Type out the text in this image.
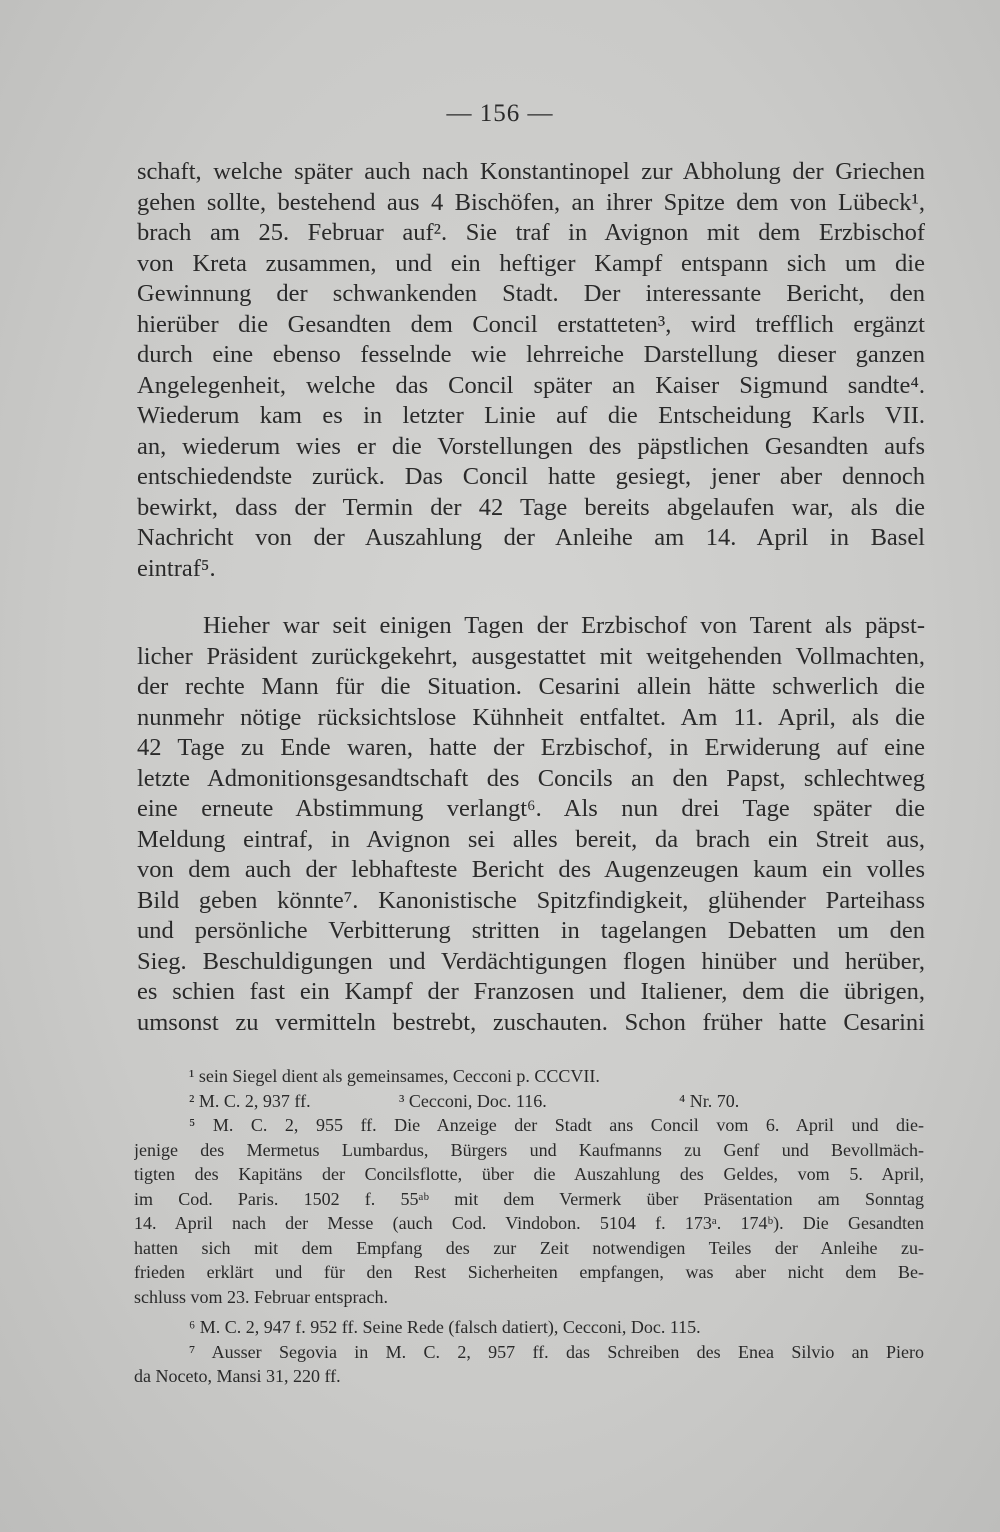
— 156 —
schaft, welche später auch nach Konstantinopel zur Abholung der Griechen
gehen sollte, bestehend aus 4 Bischöfen, an ihrer Spitze dem von Lübeck¹,
brach am 25. Februar auf². Sie traf in Avignon mit dem Erzbischof
von Kreta zusammen, und ein heftiger Kampf entspann sich um die
Gewinnung der schwankenden Stadt. Der interessante Bericht, den
hierüber die Gesandten dem Concil erstatteten³, wird trefflich ergänzt
durch eine ebenso fesselnde wie lehrreiche Darstellung dieser ganzen
Angelegenheit, welche das Concil später an Kaiser Sigmund sandte⁴.
Wiederum kam es in letzter Linie auf die Entscheidung Karls VII.
an, wiederum wies er die Vorstellungen des päpstlichen Gesandten aufs
entschiedendste zurück. Das Concil hatte gesiegt, jener aber dennoch
bewirkt, dass der Termin der 42 Tage bereits abgelaufen war, als die
Nachricht von der Auszahlung der Anleihe am 14. April in Basel
eintraf⁵.
Hieher war seit einigen Tagen der Erzbischof von Tarent als päpst-
licher Präsident zurückgekehrt, ausgestattet mit weitgehenden Vollmachten,
der rechte Mann für die Situation. Cesarini allein hätte schwerlich die
nunmehr nötige rücksichtslose Kühnheit entfaltet. Am 11. April, als die
42 Tage zu Ende waren, hatte der Erzbischof, in Erwiderung auf eine
letzte Admonitionsgesandtschaft des Concils an den Papst, schlechtweg
eine erneute Abstimmung verlangt⁶. Als nun drei Tage später die
Meldung eintraf, in Avignon sei alles bereit, da brach ein Streit aus,
von dem auch der lebhafteste Bericht des Augenzeugen kaum ein volles
Bild geben könnte⁷. Kanonistische Spitzfindigkeit, glühender Parteihass
und persönliche Verbitterung stritten in tagelangen Debatten um den
Sieg. Beschuldigungen und Verdächtigungen flogen hinüber und herüber,
es schien fast ein Kampf der Franzosen und Italiener, dem die übrigen,
umsonst zu vermitteln bestrebt, zuschauten. Schon früher hatte Cesarini
¹ sein Siegel dient als gemeinsames, Cecconi p. CCCVII.
² M. C. 2, 937 ff.	³ Cecconi, Doc. 116.	⁴ Nr. 70.
⁵ M. C. 2, 955 ff. Die Anzeige der Stadt ans Concil vom 6. April und die-
jenige des Mermetus Lumbardus, Bürgers und Kaufmanns zu Genf und Bevollmäch-
tigten des Kapitäns der Concilsflotte, über die Auszahlung des Geldes, vom 5. April,
im Cod. Paris. 1502 f. 55ᵃᵇ mit dem Vermerk über Präsentation am Sonntag
14. April nach der Messe (auch Cod. Vindobon. 5104 f. 173ᵃ. 174ᵇ). Die Gesandten
hatten sich mit dem Empfang des zur Zeit notwendigen Teiles der Anleihe zu-
frieden erklärt und für den Rest Sicherheiten empfangen, was aber nicht dem Be-
schluss vom 23. Februar entsprach.
⁶ M. C. 2, 947 f. 952 ff. Seine Rede (falsch datiert), Cecconi, Doc. 115.
⁷ Ausser Segovia in M. C. 2, 957 ff. das Schreiben des Enea Silvio an Piero
da Noceto, Mansi 31, 220 ff.
